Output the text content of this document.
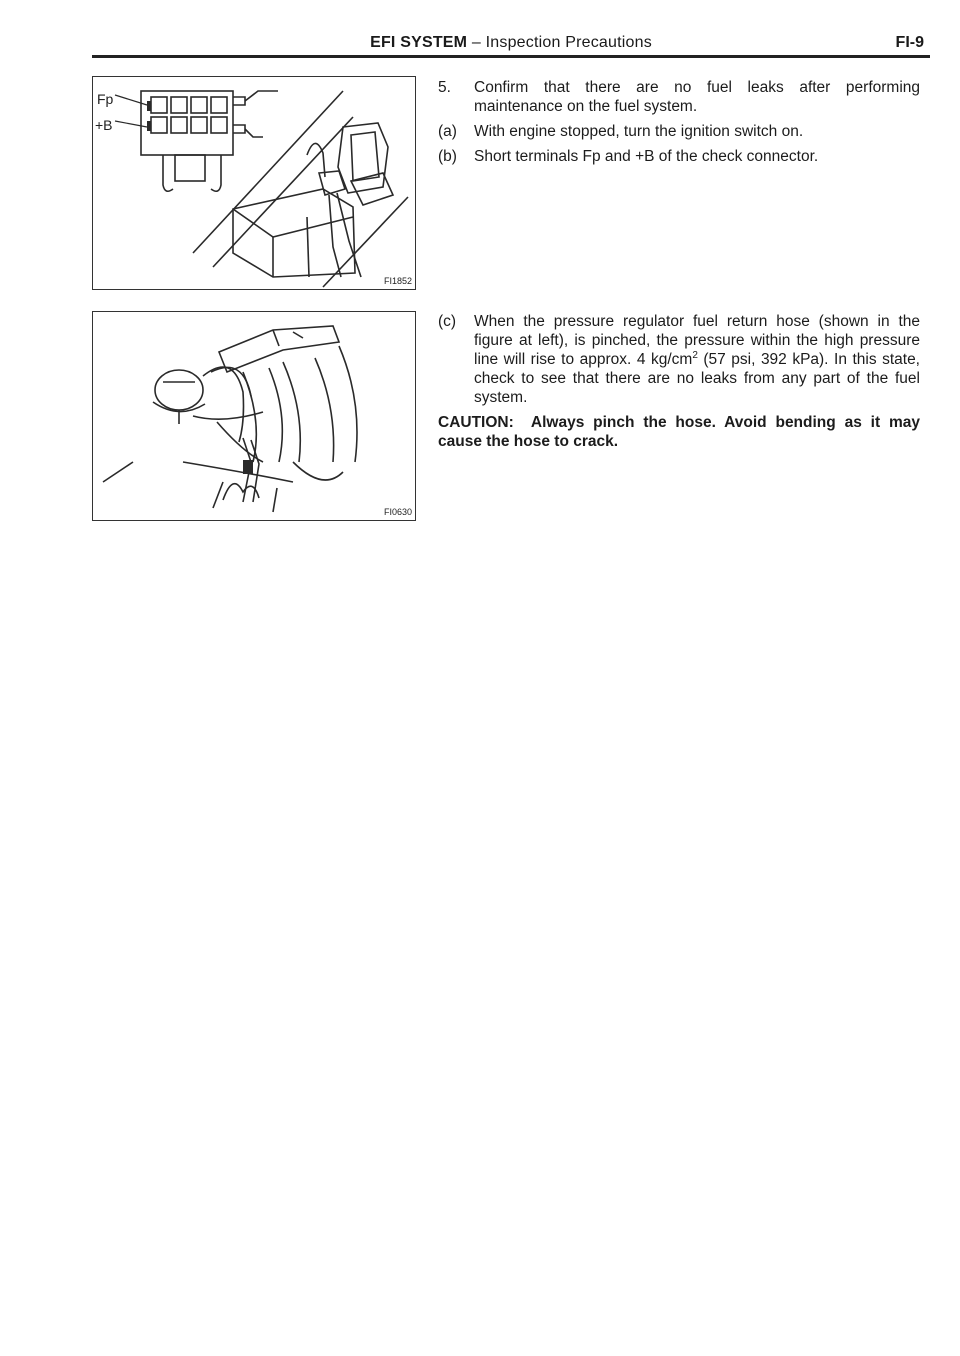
EFI SYSTEM – Inspection Precautions	FI-9
Fp
+B
FI1852
FI0630
5. Confirm that there are no fuel leaks after performing maintenance on the fuel system.
(a) With engine stopped, turn the ignition switch on.
(b) Short terminals Fp and +B of the check connector.
(c) When the pressure regulator fuel return hose (shown in the figure at left), is pinched, the pressure within the high pressure line will rise to approx. 4 $kg/cm^2$ (57 psi, 392 kPa). In this state, check to see that there are no leaks from any part of the fuel system.
CAUTION: Always pinch the hose. Avoid bending as it may cause the hose to crack.
